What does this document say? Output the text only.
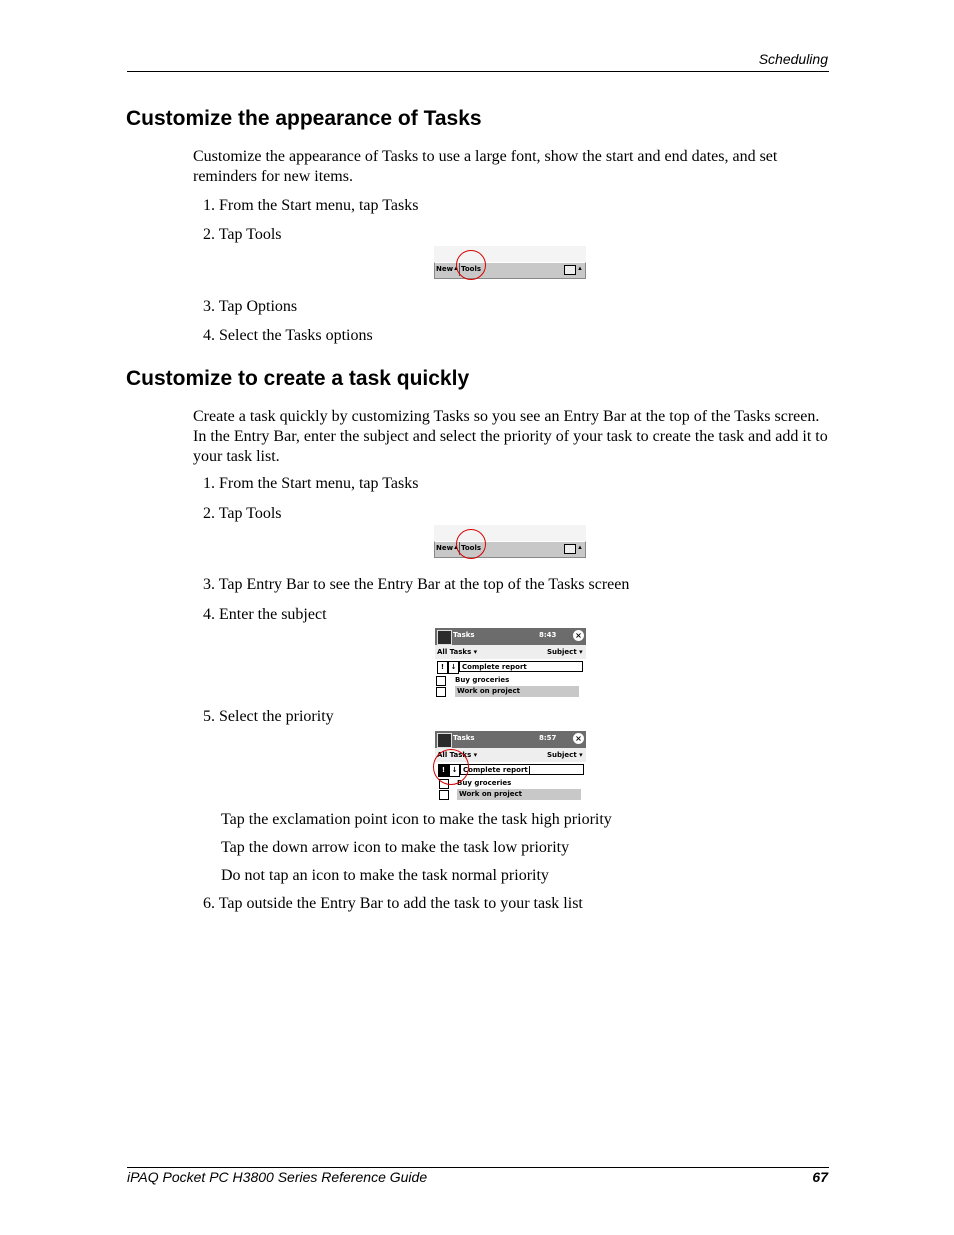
Scheduling
Customize the appearance of Tasks
Customize the appearance of Tasks to use a large font, show the start and end dates, and set reminders for new items.
1. From the Start menu, tap Tasks
2. Tap Tools
New ▲ Tools	▲
3. Tap Options
4. Select the Tasks options
Customize to create a task quickly
Create a task quickly by customizing Tasks so you see an Entry Bar at the top of the Tasks screen. In the Entry Bar, enter the subject and select the priority of your task to create the task and add it to your task list.
1. From the Start menu, tap Tasks
2. Tap Tools
New ▲ Tools	▲
3. Tap Entry Bar to see the Entry Bar at the top of the Tasks screen
4. Enter the subject
Tasks	8:43 ×
All Tasks ▾	Subject ▾
! ↓ Complete report
Buy groceries
Work on project
5. Select the priority
Tasks	8:57 ×
All Tasks ▾	Subject ▾
! ↓ Complete report
Buy groceries
Work on project
Tap the exclamation point icon to make the task high priority
Tap the down arrow icon to make the task low priority
Do not tap an icon to make the task normal priority
6. Tap outside the Entry Bar to add the task to your task list
iPAQ Pocket PC H3800 Series Reference Guide	67
